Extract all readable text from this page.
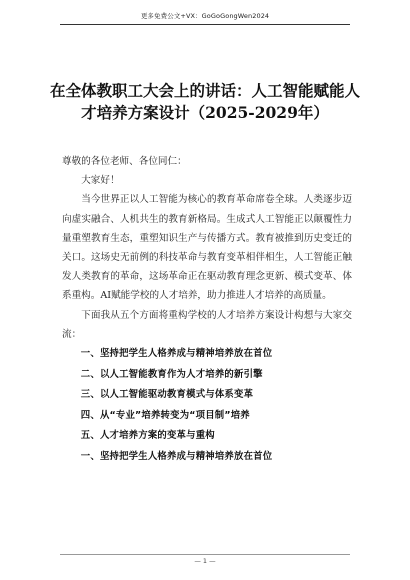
更多免费公文+VX：GoGoGongWen2024
在全体教职工大会上的讲话：人工智能赋能人才培养方案设计（2025-2029年）

尊敬的各位老师、各位同仁：

大家好！

当今世界正以人工智能为核心的教育革命席卷全球。人类逐步迈向虚实融合、人机共生的教育新格局。生成式人工智能正以颠覆性力量重塑教育生态，重塑知识生产与传播方式。教育被推到历史变迁的关口。这场史无前例的科技革命与教育变革相伴相生，人工智能正触发人类教育的革命，这场革命正在驱动教育理念更新、模式变革、体系重构。AI赋能学校的人才培养，助力推进人才培养的高质量。

下面我从五个方面将重构学校的人才培养方案设计构想与大家交流：

一、坚持把学生人格养成与精神培养放在首位

二、以人工智能教育作为人才培养的新引擎

三、以人工智能驱动教育模式与体系变革

四、从“专业”培养转变为“项目制”培养

五、人才培养方案的变革与重构

一、坚持把学生人格养成与精神培养放在首位

— 1 —
